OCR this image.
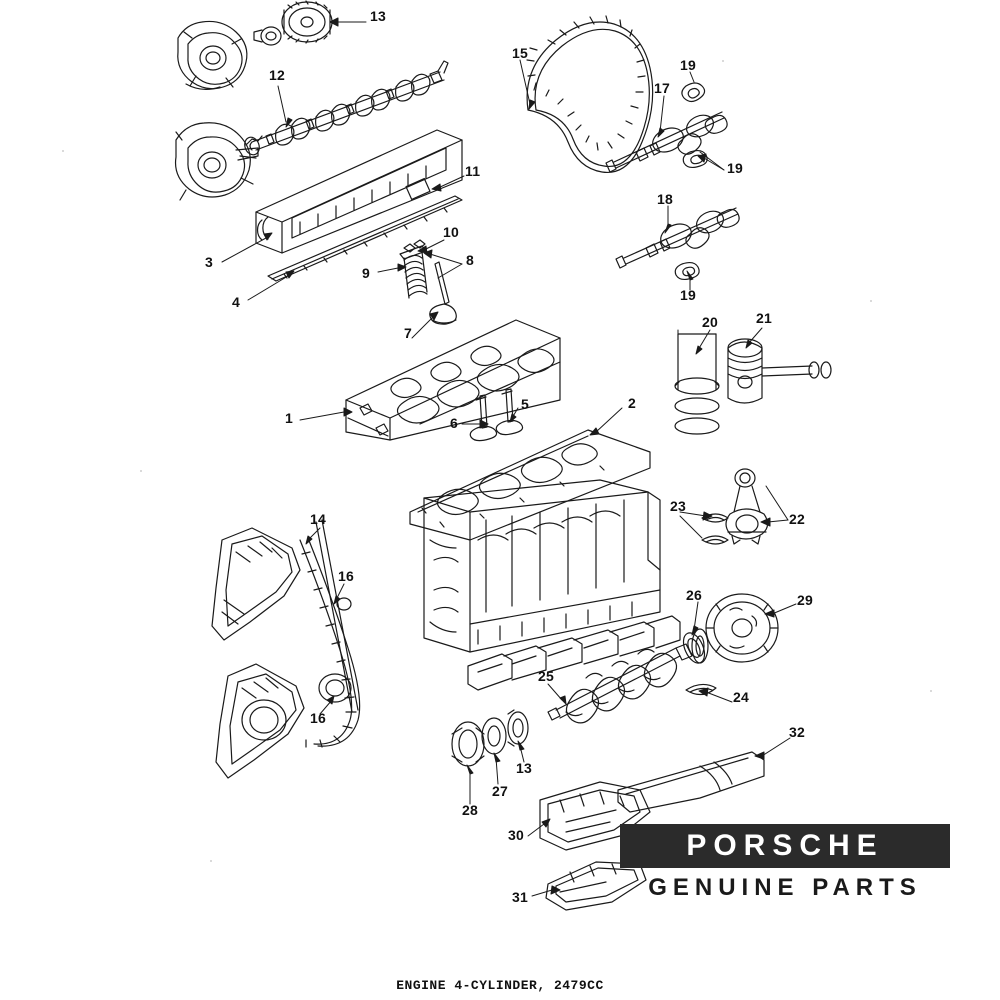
1
2
3
4
5
6
7
8
9
10
11
12
13
14
15
16
16
17
18
19
19
19
20	21
22
23
24
25
26
27
28
29
13
30
31
32
PORSCHE
GENUINE PARTS
ENGINE 4-CYLINDER, 2479CC
